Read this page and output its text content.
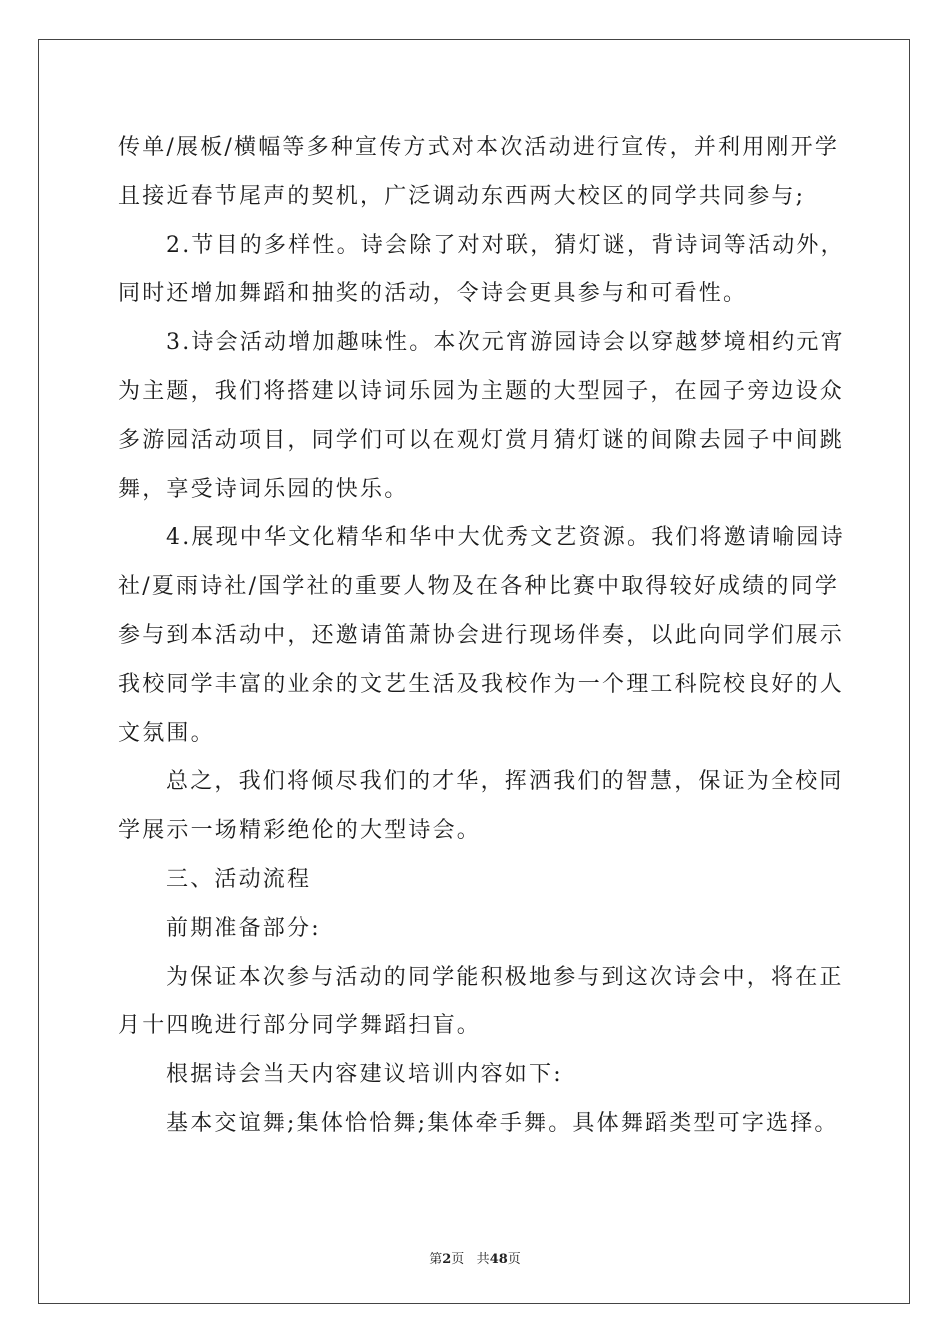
传单/展板/横幅等多种宣传方式对本次活动进行宣传，并利用刚开学
且接近春节尾声的契机，广泛调动东西两大校区的同学共同参与;
2.节目的多样性。诗会除了对对联，猜灯谜，背诗词等活动外，
同时还增加舞蹈和抽奖的活动，令诗会更具参与和可看性。
3.诗会活动增加趣味性。本次元宵游园诗会以穿越梦境相约元宵
为主题，我们将搭建以诗词乐园为主题的大型园子，在园子旁边设众
多游园活动项目，同学们可以在观灯赏月猜灯谜的间隙去园子中间跳
舞，享受诗词乐园的快乐。
4.展现中华文化精华和华中大优秀文艺资源。我们将邀请喻园诗
社/夏雨诗社/国学社的重要人物及在各种比赛中取得较好成绩的同学
参与到本活动中，还邀请笛萧协会进行现场伴奏，以此向同学们展示
我校同学丰富的业余的文艺生活及我校作为一个理工科院校良好的人
文氛围。
总之，我们将倾尽我们的才华，挥洒我们的智慧，保证为全校同
学展示一场精彩绝伦的大型诗会。
三、活动流程
前期准备部分:
为保证本次参与活动的同学能积极地参与到这次诗会中，将在正
月十四晚进行部分同学舞蹈扫盲。
根据诗会当天内容建议培训内容如下:
基本交谊舞;集体恰恰舞;集体牵手舞。具体舞蹈类型可字选择。
第2页 共48页
